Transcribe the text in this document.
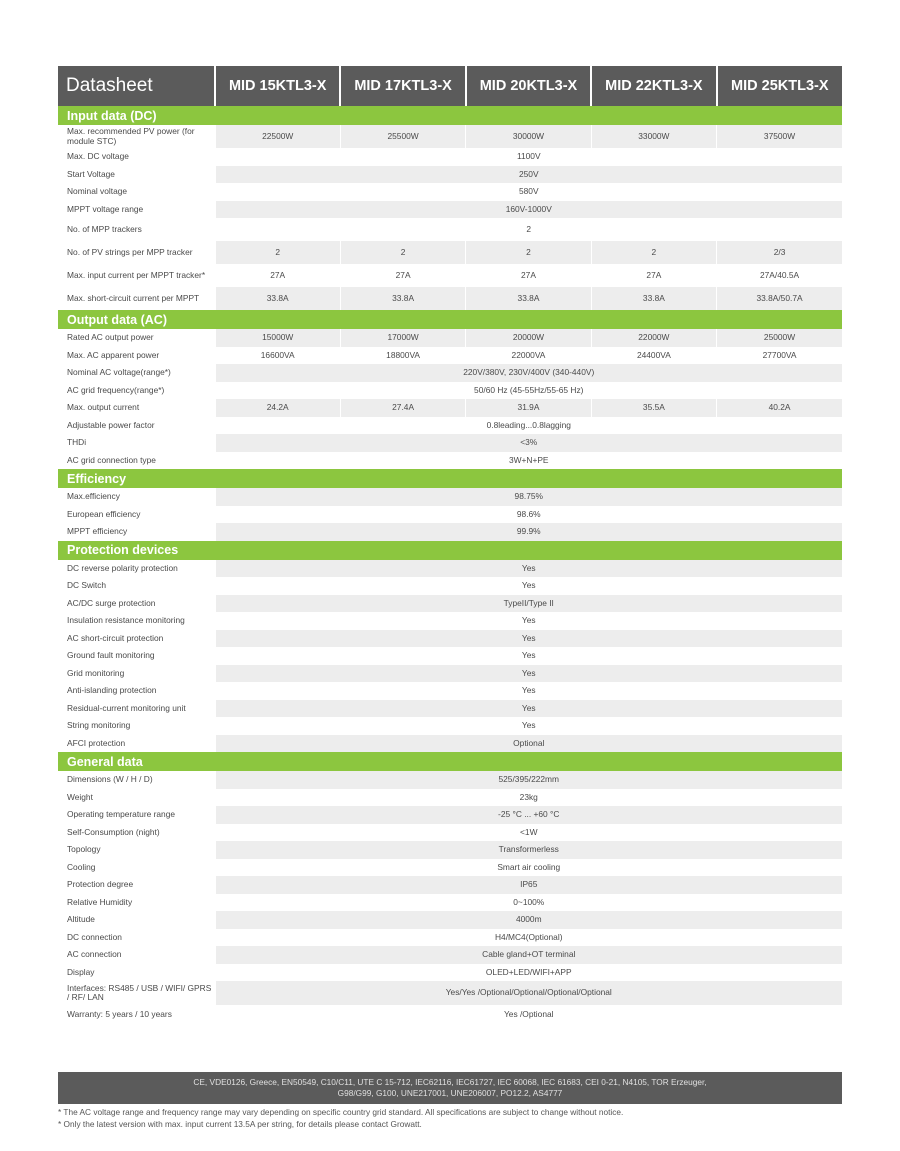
Datasheet	MID 15KTL3-X	MID 17KTL3-X	MID 20KTL3-X	MID 22KTL3-X	MID 25KTL3-X
Input data (DC)					
Max. recommended PV power (for module STC)	22500W	25500W	30000W	33000W	37500W
Max. DC voltage	1100V				
Start Voltage	250V				
Nominal voltage	580V				
MPPT voltage range	160V-1000V				
No. of MPP trackers	2				
No. of PV strings per MPP tracker	2	2	2	2	2/3
Max. input current per MPPT tracker*	27A	27A	27A	27A	27A/40.5A
Max. short-circuit current per MPPT	33.8A	33.8A	33.8A	33.8A	33.8A/50.7A
Output data (AC)					
Rated AC output power	15000W	17000W	20000W	22000W	25000W
Max. AC apparent power	16600VA	18800VA	22000VA	24400VA	27700VA
Nominal AC voltage(range*)	220V/380V, 230V/400V (340-440V)				
AC grid frequency(range*)	50/60 Hz (45-55Hz/55-65 Hz)				
Max. output current	24.2A	27.4A	31.9A	35.5A	40.2A
Adjustable power factor	0.8leading...0.8lagging				
THDi	<3%				
AC grid connection type	3W+N+PE				
Efficiency					
Max.efficiency	98.75%				
European efficiency	98.6%				
MPPT efficiency	99.9%				
Protection devices					
DC reverse polarity protection	Yes				
DC Switch	Yes				
AC/DC surge protection	TypeII/Type II				
Insulation resistance monitoring	Yes				
AC short-circuit protection	Yes				
Ground fault monitoring	Yes				
Grid monitoring	Yes				
Anti-islanding protection	Yes				
Residual-current monitoring unit	Yes				
String monitoring	Yes				
AFCI protection	Optional				
General data					
Dimensions (W / H / D)	525/395/222mm				
Weight	23kg				
Operating temperature range	-25 °C ... +60 °C				
Self-Consumption (night)	<1W				
Topology	Transformerless				
Cooling	Smart air cooling				
Protection degree	IP65				
Relative Humidity	0~100%				
Altitude	4000m				
DC connection	H4/MC4(Optional)				
AC connection	Cable gland+OT terminal				
Display	OLED+LED/WIFI+APP				
Interfaces: RS485 / USB / WIFI/ GPRS / RF/ LAN	Yes/Yes /Optional/Optional/Optional/Optional				
Warranty: 5 years / 10 years	Yes /Optional				
CE, VDE0126, Greece, EN50549, C10/C11, UTE C 15-712, IEC62116, IEC61727, IEC 60068, IEC 61683, CEI 0-21, N4105, TOR Erzeuger,
G98/G99, G100, UNE217001, UNE206007, PO12.2, AS4777
* The AC voltage range and frequency range may vary depending on specific country grid standard. All specifications are subject to change without notice.
* Only the latest version with max. input current 13.5A per string, for details please contact Growatt.
